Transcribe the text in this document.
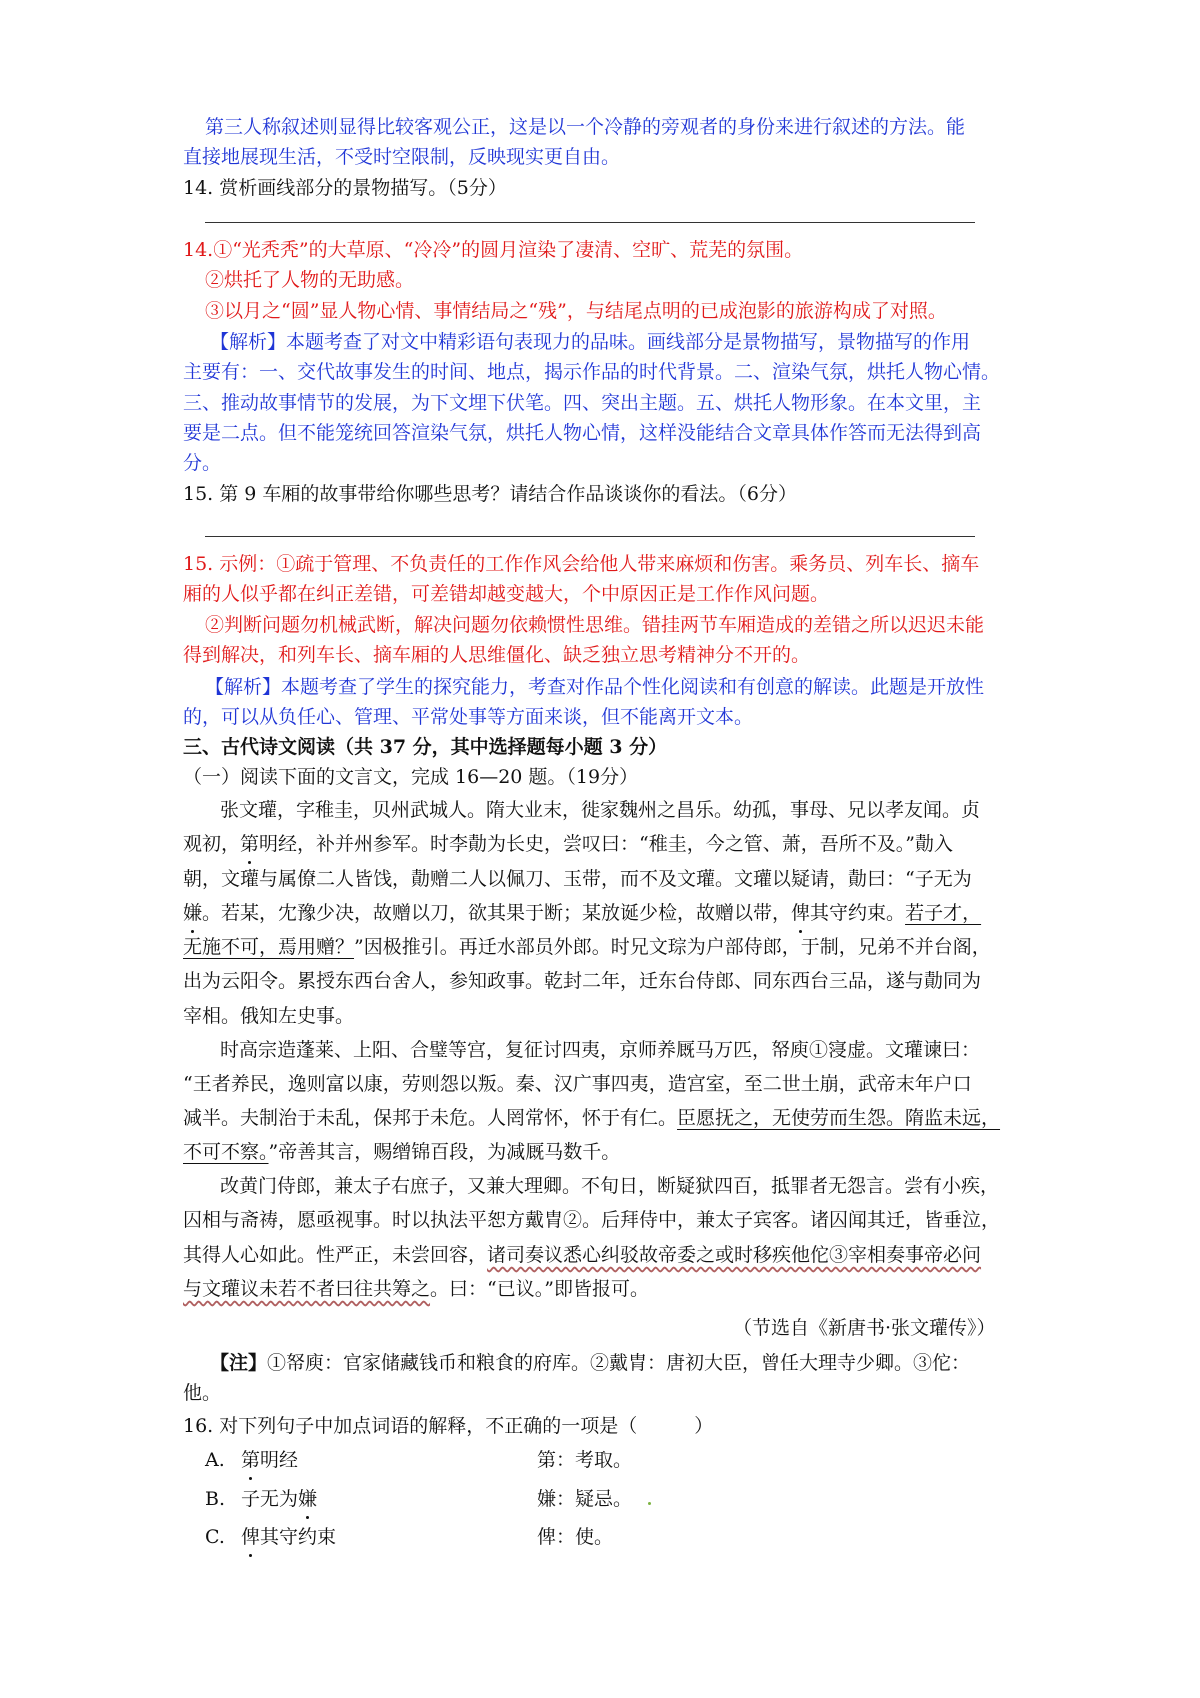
第三人称叙述则显得比较客观公正，这是以一个冷静的旁观者的身份来进行叙述的方法。能
直接地展现生活，不受时空限制，反映现实更自由。
14. 赏析画线部分的景物描写。（5分）
14.①“光秃秃”的大草原、“冷冷”的圆月渲染了凄清、空旷、荒芜的氛围。
②烘托了人物的无助感。
③以月之“圆”显人物心情、事情结局之“残”，与结尾点明的已成泡影的旅游构成了对照。
【解析】本题考查了对文中精彩语句表现力的品味。画线部分是景物描写，景物描写的作用
主要有：一、交代故事发生的时间、地点，揭示作品的时代背景。二、渲染气氛，烘托人物心情。
三、推动故事情节的发展，为下文埋下伏笔。四、突出主题。五、烘托人物形象。在本文里，主
要是二点。但不能笼统回答渲染气氛，烘托人物心情，这样没能结合文章具体作答而无法得到高
分。
15. 第 9 车厢的故事带给你哪些思考？请结合作品谈谈你的看法。（6分）
15. 示例：①疏于管理、不负责任的工作作风会给他人带来麻烦和伤害。乘务员、列车长、摘车
厢的人似乎都在纠正差错，可差错却越变越大，个中原因正是工作作风问题。
②判断问题勿机械武断，解决问题勿依赖惯性思维。错挂两节车厢造成的差错之所以迟迟未能
得到解决，和列车长、摘车厢的人思维僵化、缺乏独立思考精神分不开的。
【解析】本题考查了学生的探究能力，考查对作品个性化阅读和有创意的解读。此题是开放性
的，可以从负任心、管理、平常处事等方面来谈，但不能离开文本。
三、古代诗文阅读（共 37 分，其中选择题每小题 3 分）
（一）阅读下面的文言文，完成 16—20 题。（19分）
张文瓘，字稚圭，贝州武城人。隋大业末，徙家魏州之昌乐。幼孤，事母、兄以孝友闻。贞
观初，第明经，补并州参军。时李勣为长史，尝叹曰：“稚圭，今之管、萧，吾所不及。”勣入
朝，文瓘与属僚二人皆饯，勣赠二人以佩刀、玉带，而不及文瓘。文瓘以疑请，勣曰：“子无为
嫌。若某，冘豫少决，故赠以刀，欲其果于断；某放诞少检，故赠以带，俾其守约束。若子才，
无施不可，焉用赠？”因极推引。再迁水部员外郎。时兄文琮为户部侍郎，于制，兄弟不并台阁，
出为云阳令。累授东西台舍人，参知政事。乾封二年，迁东台侍郎、同东西台三品，遂与勣同为
宰相。俄知左史事。
时高宗造蓬莱、上阳、合璧等宫，复征讨四夷，京师养厩马万匹，帑庾①寖虚。文瓘谏曰：
“王者养民，逸则富以康，劳则怨以叛。秦、汉广事四夷，造宫室，至二世土崩，武帝末年户口
减半。夫制治于未乱，保邦于未危。人罔常怀，怀于有仁。臣愿抚之，无使劳而生怨。隋监未远，
不可不察。”帝善其言，赐缯锦百段，为减厩马数千。
改黄门侍郎，兼太子右庶子，又兼大理卿。不旬日，断疑狱四百，抵罪者无怨言。尝有小疾，
囚相与斋祷，愿亟视事。时以执法平恕方戴胄②。后拜侍中，兼太子宾客。诸囚闻其迁，皆垂泣，
其得人心如此。性严正，未尝回容，诸司奏议悉心纠驳故帝委之或时移疾他佗③宰相奏事帝必问
与文瓘议未若不者曰往共筹之。曰：“已议。”即皆报可。
（节选自《新唐书·张文瓘传》）
【注】①帑庾：官家储藏钱币和粮食的府库。②戴胄：唐初大臣，曾任大理寺少卿。③佗：
他。
16. 对下列句子中加点词语的解释，不正确的一项是（　　　）
A. 第明经	第：考取。
B. 子无为嫌	嫌：疑忌。
C. 俾其守约束	俾：使。
